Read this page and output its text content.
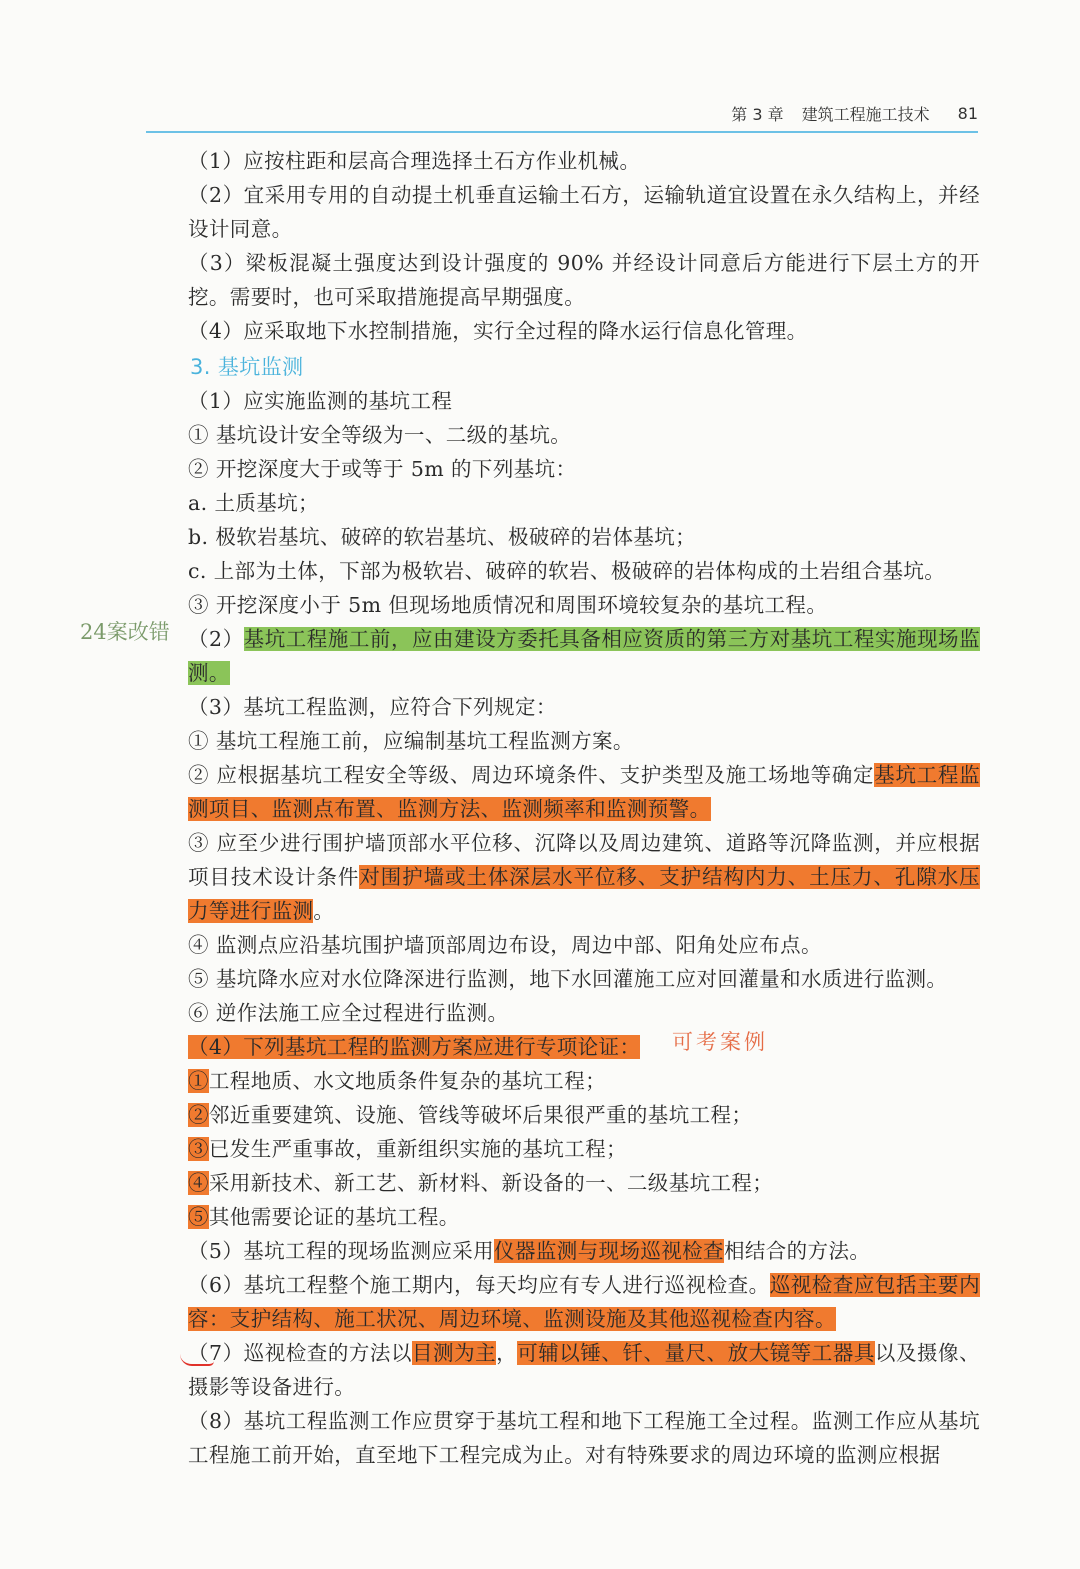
第 3 章 建筑工程施工技术 81

（1）应按柱距和层高合理选择土石方作业机械。

（2）宜采用专用的自动提土机垂直运输土石方，运输轨道宜设置在永久结构上，并经设计同意。

（3）梁板混凝土强度达到设计强度的 90% 并经设计同意后方能进行下层土方的开挖。需要时，也可采取措施提高早期强度。

（4）应采取地下水控制措施，实行全过程的降水运行信息化管理。

3. 基坑监测

（1）应实施监测的基坑工程

① 基坑设计安全等级为一、二级的基坑。

② 开挖深度大于或等于 5m 的下列基坑：

a. 土质基坑；

b. 极软岩基坑、破碎的软岩基坑、极破碎的岩体基坑；

c. 上部为土体，下部为极软岩、破碎的软岩、极破碎的岩体构成的土岩组合基坑。

③ 开挖深度小于 5m 但现场地质情况和周围环境较复杂的基坑工程。

（2）基坑工程施工前，应由建设方委托具备相应资质的第三方对基坑工程实施现场监测。

（3）基坑工程监测，应符合下列规定：

① 基坑工程施工前，应编制基坑工程监测方案。

② 应根据基坑工程安全等级、周边环境条件、支护类型及施工场地等确定基坑工程监测项目、监测点布置、监测方法、监测频率和监测预警。

③ 应至少进行围护墙顶部水平位移、沉降以及周边建筑、道路等沉降监测，并应根据项目技术设计条件对围护墙或土体深层水平位移、支护结构内力、土压力、孔隙水压力等进行监测。

④ 监测点应沿基坑围护墙顶部周边布设，周边中部、阳角处应布点。

⑤ 基坑降水应对水位降深进行监测，地下水回灌施工应对回灌量和水质进行监测。

⑥ 逆作法施工应全过程进行监测。

（4）下列基坑工程的监测方案应进行专项论证：

①工程地质、水文地质条件复杂的基坑工程；

②邻近重要建筑、设施、管线等破坏后果很严重的基坑工程；

③已发生严重事故，重新组织实施的基坑工程；

④采用新技术、新工艺、新材料、新设备的一、二级基坑工程；

⑤其他需要论证的基坑工程。

（5）基坑工程的现场监测应采用仪器监测与现场巡视检查相结合的方法。

（6）基坑工程整个施工期内，每天均应有专人进行巡视检查。巡视检查应包括主要内容：支护结构、施工状况、周边环境、监测设施及其他巡视检查内容。

（7）巡视检查的方法以目测为主，可辅以锤、钎、量尺、放大镜等工器具以及摄像、摄影等设备进行。

（8）基坑工程监测工作应贯穿于基坑工程和地下工程施工全过程。监测工作应从基坑工程施工前开始，直至地下工程完成为止。对有特殊要求的周边环境的监测应根据

24案改错
可考案例
